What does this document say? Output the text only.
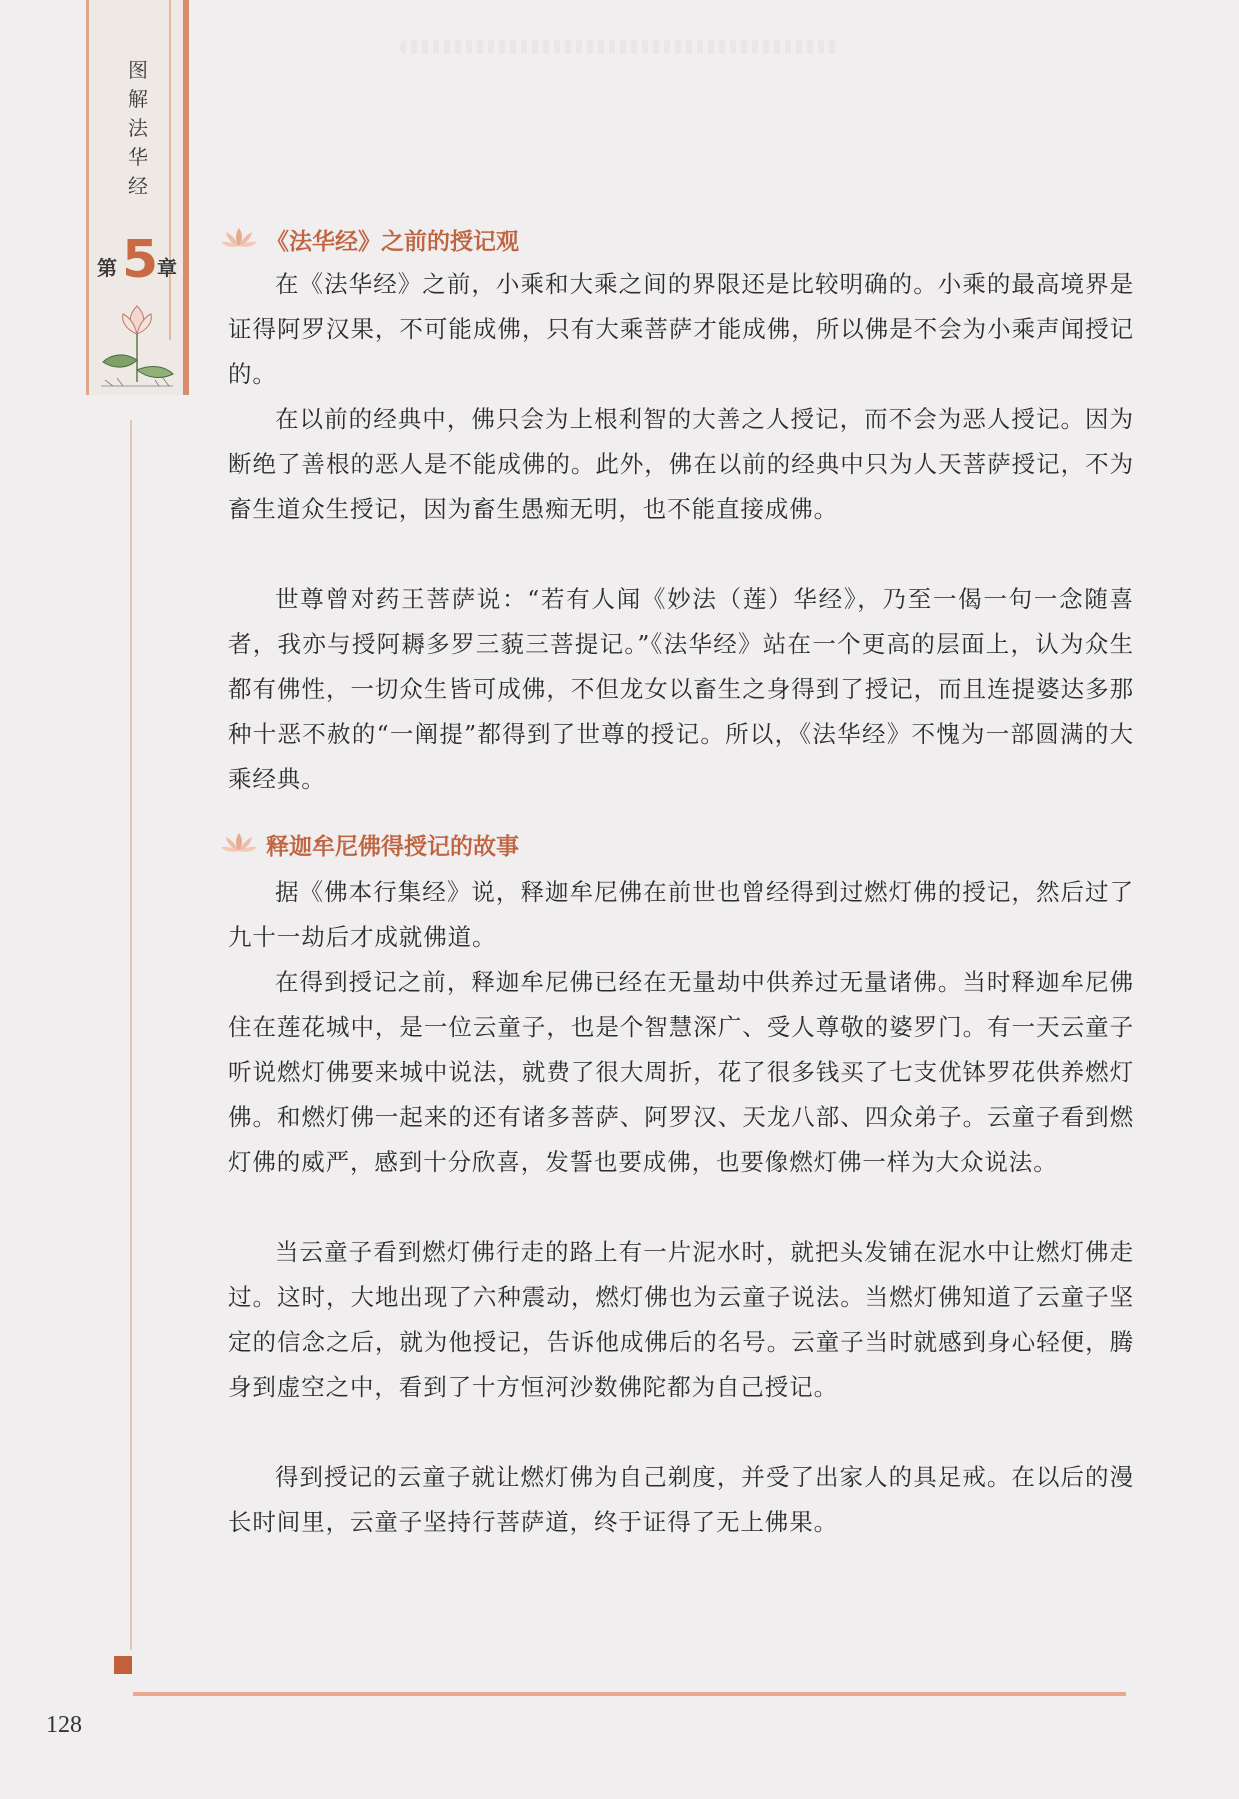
图解法华经
第 5
章
《法华经》之前的授记观

在《法华经》之前，小乘和大乘之间的界限还是比较明确的。小乘的最高境界是证得阿罗汉果，不可能成佛，只有大乘菩萨才能成佛，所以佛是不会为小乘声闻授记的。

在以前的经典中，佛只会为上根利智的大善之人授记，而不会为恶人授记。因为断绝了善根的恶人是不能成佛的。此外，佛在以前的经典中只为人天菩萨授记，不为畜生道众生授记，因为畜生愚痴无明，也不能直接成佛。

世尊曾对药王菩萨说：“若有人闻《妙法（莲）华经》，乃至一偈一句一念随喜者，我亦与授阿耨多罗三藐三菩提记。”《法华经》站在一个更高的层面上，认为众生都有佛性，一切众生皆可成佛，不但龙女以畜生之身得到了授记，而且连提婆达多那种十恶不赦的“一阐提”都得到了世尊的授记。所以，《法华经》不愧为一部圆满的大乘经典。

释迦牟尼佛得授记的故事

据《佛本行集经》说，释迦牟尼佛在前世也曾经得到过燃灯佛的授记，然后过了九十一劫后才成就佛道。

在得到授记之前，释迦牟尼佛已经在无量劫中供养过无量诸佛。当时释迦牟尼佛住在莲花城中，是一位云童子，也是个智慧深广、受人尊敬的婆罗门。有一天云童子听说燃灯佛要来城中说法，就费了很大周折，花了很多钱买了七支优钵罗花供养燃灯佛。和燃灯佛一起来的还有诸多菩萨、阿罗汉、天龙八部、四众弟子。云童子看到燃灯佛的威严，感到十分欣喜，发誓也要成佛，也要像燃灯佛一样为大众说法。

当云童子看到燃灯佛行走的路上有一片泥水时，就把头发铺在泥水中让燃灯佛走过。这时，大地出现了六种震动，燃灯佛也为云童子说法。当燃灯佛知道了云童子坚定的信念之后，就为他授记，告诉他成佛后的名号。云童子当时就感到身心轻便，腾身到虚空之中，看到了十方恒河沙数佛陀都为自己授记。

得到授记的云童子就让燃灯佛为自己剃度，并受了出家人的具足戒。在以后的漫长时间里，云童子坚持行菩萨道，终于证得了无上佛果。

128
